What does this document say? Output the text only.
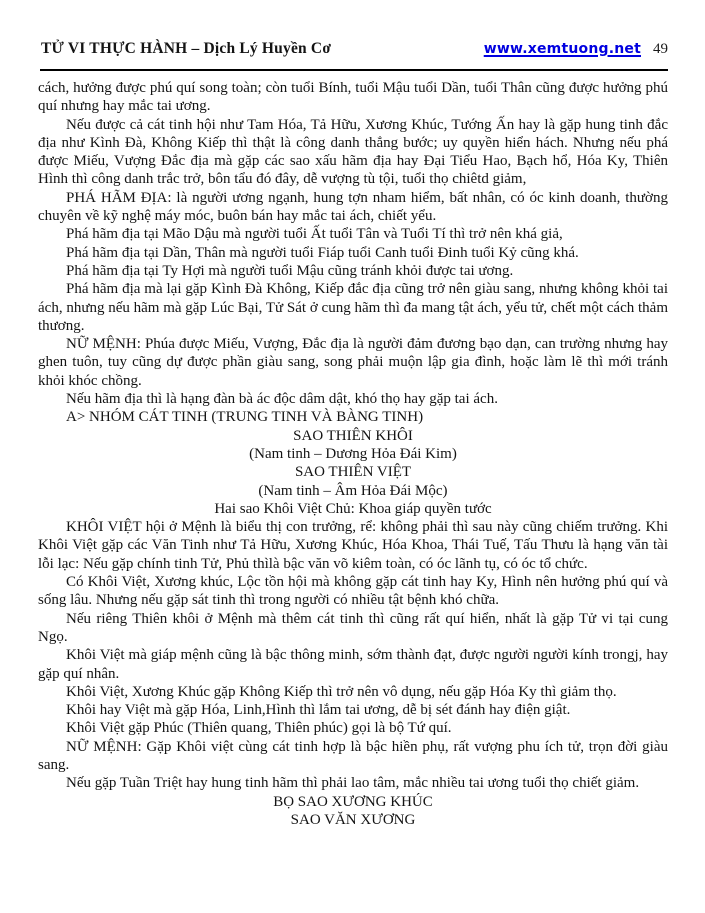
TỬ VI THỰC HÀNH – Dịch Lý Huyền Cơ	www.xemtuong.net 49

cách, hưởng được phú quí song toàn; còn tuổi Bính, tuổi Mậu tuổi Dần, tuổi Thân cũng được hưởng phú quí nhưng hay mắc tai ương.

Nếu được cả cát tinh hội như Tam Hóa, Tả Hữu, Xương Khúc, Tướng Ấn hay là gặp hung tinh đắc địa như Kình Đà, Không Kiếp thì thật là công danh thẳng bước; uy quyền hiển hách. Nhưng nếu phá được Miếu, Vượng Đắc địa mà gặp các sao xấu hãm địa hay Đại Tiểu Hao, Bạch hổ, Hóa Ky, Thiên Hình thì công danh trắc trở, bôn tẩu đó đây, dễ vượng tù tội, tuổi thọ chiêtd giảm,

PHÁ HÃM ĐỊA: là người ương ngạnh, hung tợn nham hiểm, bất nhân, có óc kinh doanh, thường chuyên về kỹ nghệ máy móc, buôn bán hay mắc tai ách, chiết yểu.

Phá hãm địa tại Mão Dậu mà người tuổi Ất tuổi Tân và Tuổi Tí thì trở nên khá giả,

Phá hãm địa tại Dần, Thân mà người tuổi Fiáp tuổi Canh tuổi Đinh tuổi Kỷ cũng khá.

Phá hãm địa tại Ty Hợi mà người tuổi Mậu cũng tránh khỏi được tai ương.

Phá hãm địa mà lại gặp Kình Đà Không, Kiếp đắc địa cũng trở nên giàu sang, nhưng không khỏi tai ách, nhưng nếu hãm mà gặp Lúc Bại, Tử Sát ở cung hãm thì đa mang tật ách, yểu tử, chết một cách thảm thương.

NỮ MỆNH: Phúa được Miếu, Vượng, Đắc địa là người đảm đương bạo dạn, can trường nhưng hay ghen tuôn, tuy cũng dự được phần giàu sang, song phải muộn lập gia đình, hoặc làm lẽ thì mới tránh khỏi khóc chồng.

Nếu hãm địa thì là hạng đàn bà ác độc dâm dật, khó thọ hay gặp tai ách.

A> NHÓM CÁT TINH (TRUNG TINH VÀ BÀNG TINH)

SAO THIÊN KHÔI

(Nam tinh – Dương Hỏa Đái Kim)

SAO THIÊN VIỆT

(Nam tinh – Âm Hỏa Đái Mộc)

Hai sao Khôi Việt Chủ: Khoa giáp quyền tước

KHÔI VIỆT hội ở Mệnh là biểu thị con trưởng, rể: không phải thì sau này cũng chiếm trưởng. Khi Khôi Việt gặp các Văn Tinh như Tả Hữu, Xương Khúc, Hóa Khoa, Thái Tuế, Tấu Thưu là hạng văn tài lỗi lạc: Nếu gặp chính tinh Tử, Phủ thìlà bậc văn võ kiêm toàn, có óc lãnh tụ, có óc tổ chức.

Có Khôi Việt, Xương khúc, Lộc tồn hội mà không gặp cát tinh hay Ky, Hình nên hưởng phú quí và sống lâu. Nhưng nếu gặp sát tinh thì trong người có nhiều tật bệnh khó chữa.

Nếu riêng Thiên khôi ở Mệnh mà thêm cát tinh thì cũng rất quí hiển, nhất là gặp Tử vi tại cung Ngọ.

Khôi Việt mà giáp mệnh cũng là bậc thông minh, sớm thành đạt, được người người kính trongj, hay gặp quí nhân.

Khôi Việt, Xương Khúc gặp Không Kiếp thì trở nên vô dụng, nếu gặp Hóa Ky thì giảm thọ.

Khôi hay Việt mà gặp Hóa, Linh,Hình thì lắm tai ương, dễ bị sét đánh hay điện giật.

Khôi Việt gặp Phúc (Thiên quang, Thiên phúc) gọi là bộ Tứ quí.

NỮ MỆNH: Gặp Khôi việt cùng cát tinh hợp là bậc hiền phụ, rất vượng phu ích tử, trọn đời giàu sang.

Nếu gặp Tuần Triệt hay hung tinh hãm thì phải lao tâm, mắc nhiều tai ương tuổi thọ chiết giảm.

BỌ SAO XƯƠNG KHÚC

SAO VĂN XƯƠNG
